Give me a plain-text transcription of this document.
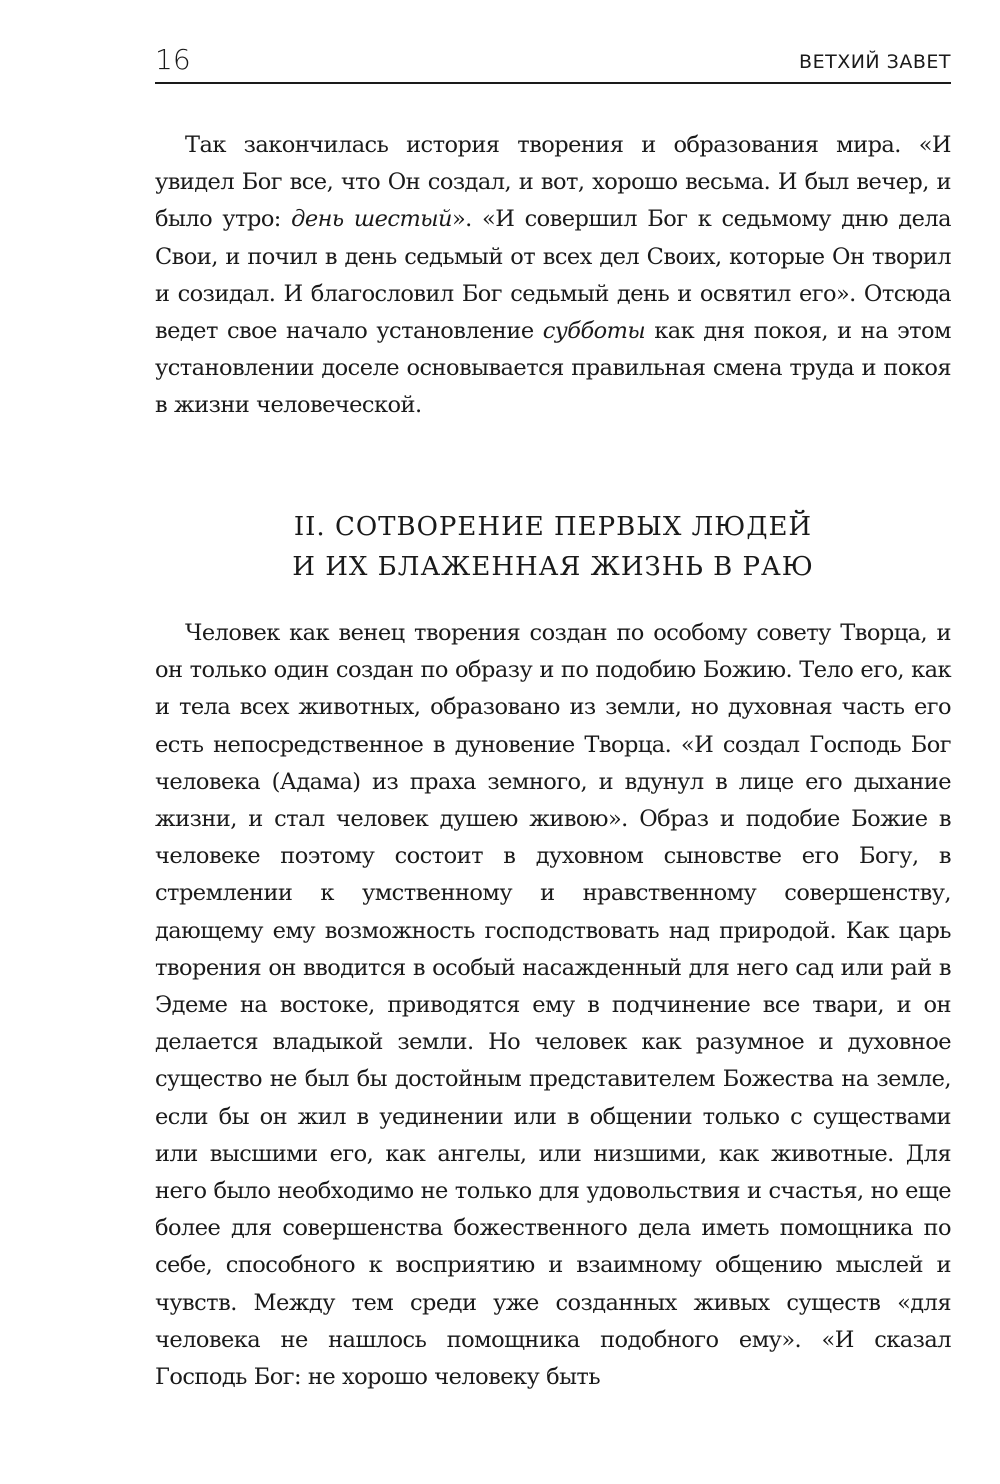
16	ВЕТХИЙ ЗАВЕТ

Так закончилась история творения и образования мира. «И увидел Бог все, что Он создал, и вот, хорошо весьма. И был вечер, и было утро: день шестый». «И совершил Бог к седьмому дню дела Свои, и почил в день седьмый от всех дел Своих, которые Он творил и созидал. И благословил Бог седьмый день и освятил его». Отсюда ведет свое начало установление субботы как дня покоя, и на этом установлении доселе основывается правильная смена труда и покоя в жизни человеческой.

II. СОТВОРЕНИЕ ПЕРВЫХ ЛЮДЕЙ
И ИХ БЛАЖЕННАЯ ЖИЗНЬ В РАЮ

Человек как венец творения создан по особому совету Творца, и он только один создан по образу и по подобию Божию. Тело его, как и тела всех животных, образовано из земли, но духовная часть его есть непосредственное в дуновение Творца. «И создал Господь Бог человека (Адама) из праха земного, и вдунул в лице его дыхание жизни, и стал человек душею живою». Образ и подобие Божие в человеке поэтому состоит в духовном сыновстве его Богу, в стремлении к умственному и нравственному совершенству, дающему ему возможность господствовать над природой. Как царь творения он вводится в особый насажденный для него сад или рай в Эдеме на востоке, приводятся ему в подчинение все твари, и он делается владыкой земли. Но человек как разумное и духовное существо не был бы достойным представителем Божества на земле, если бы он жил в уединении или в общении только с существами или высшими его, как ангелы, или низшими, как животные. Для него было необходимо не только для удовольствия и счастья, но еще более для совершенства божественного дела иметь помощника по себе, способного к восприятию и взаимному общению мыслей и чувств. Между тем среди уже созданных живых существ «для человека не нашлось помощника подобного ему». «И сказал Господь Бог: не хорошо человеку быть
